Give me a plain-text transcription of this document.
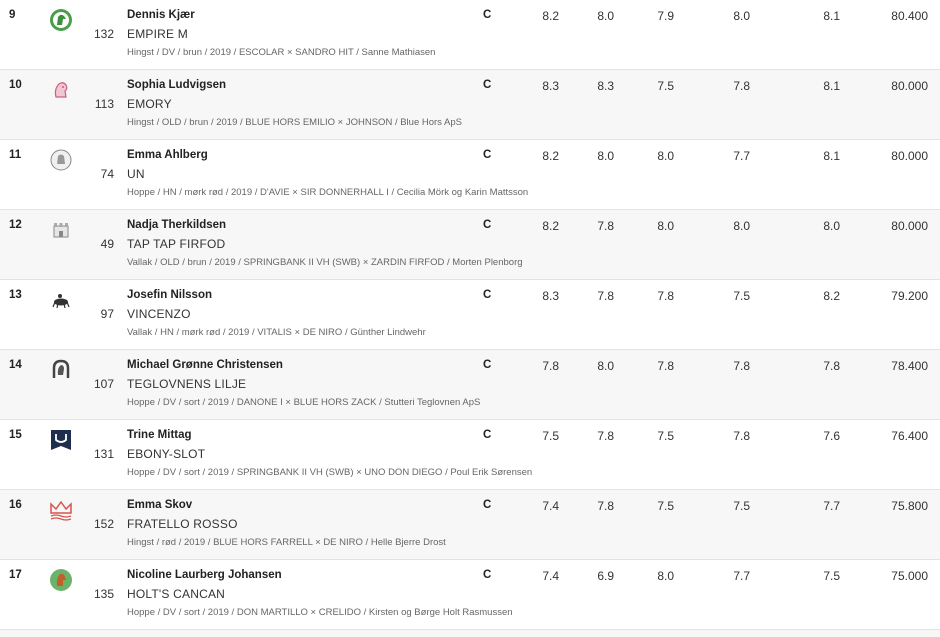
9
132
Dennis Kjær
EMPIRE M
Hingst / DV / brun / 2019 / ESCOLAR × SANDRO HIT / Sanne Mathiasen
C	8.2	8.0	7.9	8.0	8.1	80.400
10
113
Sophia Ludvigsen
EMORY
Hingst / OLD / brun / 2019 / BLUE HORS EMILIO × JOHNSON / Blue Hors ApS
C	8.3	8.3	7.5	7.8	8.1	80.000
11
74
Emma Ahlberg
UN
Hoppe / HN / mørk rød / 2019 / D'AVIE × SIR DONNERHALL I / Cecilia Mörk og Karin Mattsson
C	8.2	8.0	8.0	7.7	8.1	80.000
12
49
Nadja Therkildsen
TAP TAP FIRFOD
Vallak / OLD / brun / 2019 / SPRINGBANK II VH (SWB) × ZARDIN FIRFOD / Morten Plenborg
C	8.2	7.8	8.0	8.0	8.0	80.000
13
97
Josefin Nilsson
VINCENZO
Vallak / HN / mørk rød / 2019 / VITALIS × DE NIRO / Günther Lindwehr
C	8.3	7.8	7.8	7.5	8.2	79.200
14
107
Michael Grønne Christensen
TEGLOVNENS LILJE
Hoppe / DV / sort / 2019 / DANONE I × BLUE HORS ZACK / Stutteri Teglovnen ApS
C	7.8	8.0	7.8	7.8	7.8	78.400
15
131
Trine Mittag
EBONY-SLOT
Hoppe / DV / sort / 2019 / SPRINGBANK II VH (SWB) × UNO DON DIEGO / Poul Erik Sørensen
C	7.5	7.8	7.5	7.8	7.6	76.400
16
152
Emma Skov
FRATELLO ROSSO
Hingst / rød / 2019 / BLUE HORS FARRELL × DE NIRO / Helle Bjerre Drost
C	7.4	7.8	7.5	7.5	7.7	75.800
17
135
Nicoline Laurberg Johansen
HOLT'S CANCAN
Hoppe / DV / sort / 2019 / DON MARTILLO × CRELIDO / Kirsten og Børge Holt Rasmussen
C	7.4	6.9	8.0	7.7	7.5	75.000
